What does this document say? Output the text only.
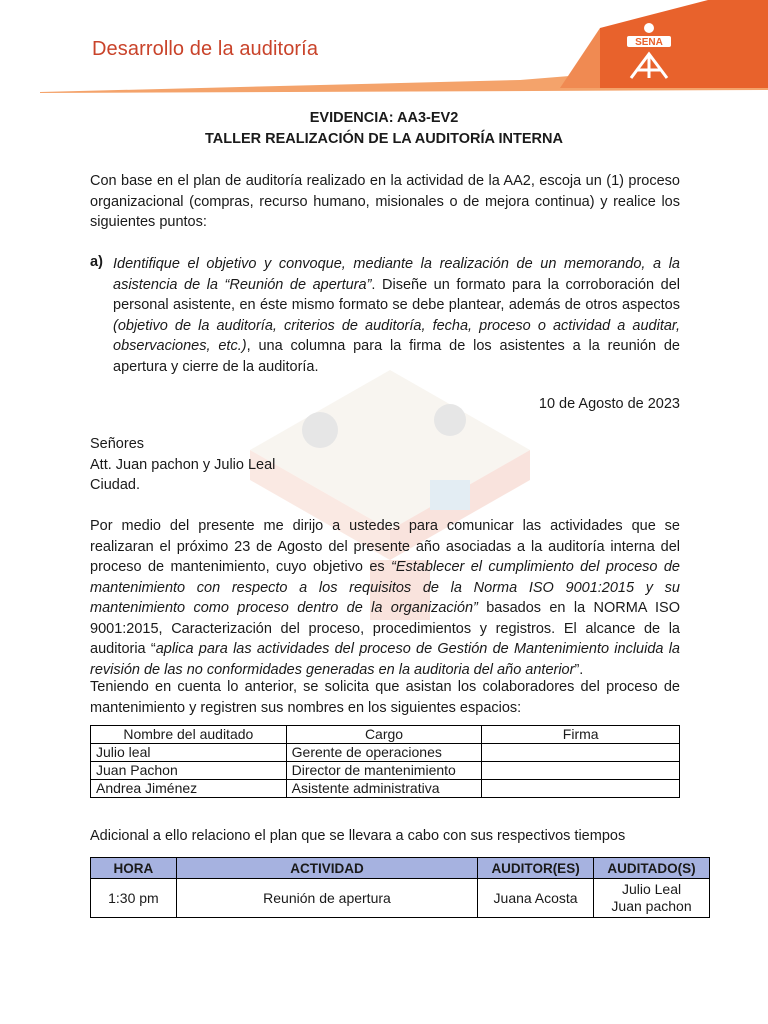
Desarrollo de la auditoría	SENA
EVIDENCIA: AA3-EV2
TALLER REALIZACIÓN DE LA AUDITORÍA INTERNA
Con base en el plan de auditoría realizado en la actividad de la AA2, escoja un (1) proceso organizacional (compras, recurso humano, misionales o de mejora continua) y realice los siguientes puntos:
a) Identifique el objetivo y convoque, mediante la realización de un memorando, a la asistencia de la “Reunión de apertura”. Diseñe un formato para la corroboración del personal asistente, en éste mismo formato se debe plantear, además de otros aspectos (objetivo de la auditoría, criterios de auditoría, fecha, proceso o actividad a auditar, observaciones, etc.), una columna para la firma de los asistentes a la reunión de apertura y cierre de la auditoría.
10 de Agosto de 2023
Señores
Att. Juan pachon y Julio Leal
Ciudad.
Por medio del presente me dirijo a ustedes para comunicar las actividades que se realizaran el próximo 23 de Agosto del presente año asociadas a la auditoría interna del proceso de mantenimiento, cuyo objetivo es “Establecer el cumplimiento del proceso de mantenimiento con respecto a los requisitos de la Norma ISO 9001:2015 y su mantenimiento como proceso dentro de la organización” basados en la NORMA ISO 9001:2015, Caracterización del proceso, procedimientos y registros. El alcance de la auditoria “aplica para las actividades del proceso de Gestión de Mantenimiento incluida la revisión de las no conformidades generadas en la auditoria del año anterior”.
Teniendo en cuenta lo anterior, se solicita que asistan los colaboradores del proceso de mantenimiento y registren sus nombres en los siguientes espacios:
Nombre del auditado	Cargo	Firma
Julio leal	Gerente de operaciones	
Juan Pachon	Director de mantenimiento	
Andrea Jiménez	Asistente administrativa	
Adicional a ello relaciono el plan que se llevara a cabo con sus respectivos tiempos
HORA	ACTIVIDAD	AUDITOR(ES)	AUDITADO(S)
1:30 pm	Reunión de apertura	Juana Acosta	Julio Leal
Juan pachon
